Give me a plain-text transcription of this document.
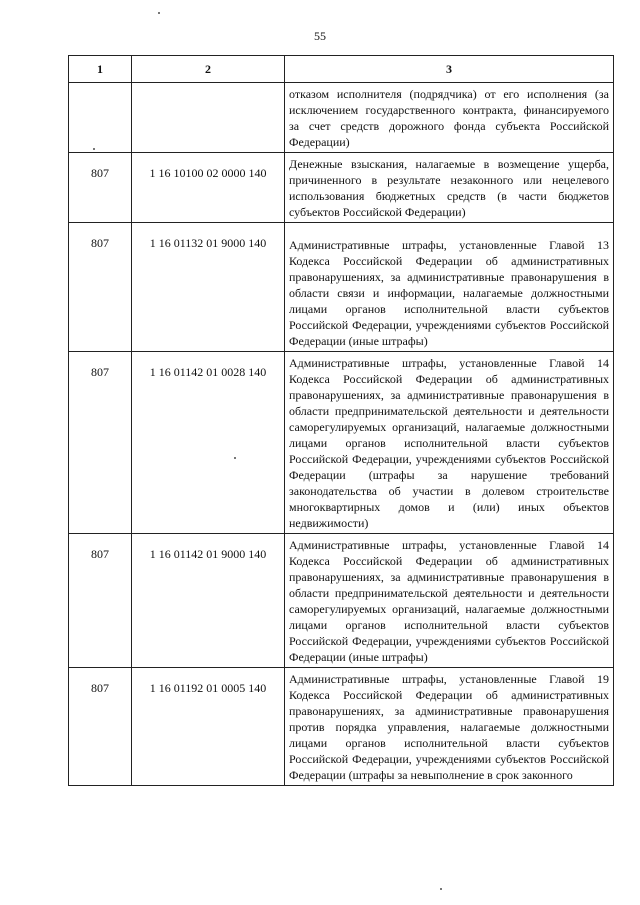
55
1	2	3
		отказом исполнителя (подрядчика) от его исполнения (за исключением государственного контракта, финансируемого за счет средств дорожного фонда субъекта Российской Федерации)
807	1 16 10100 02 0000 140	Денежные взыскания, налагаемые в возмещение ущерба, причиненного в результате незаконного или нецелевого использования бюджетных средств (в части бюджетов субъектов Российской Федерации)
807	1 16 01132 01 9000 140	Административные штрафы, установленные Главой 13 Кодекса Российской Федерации об административных правонарушениях, за административные правонарушения в области связи и информации, налагаемые должностными лицами органов исполнительной власти субъектов Российской Федерации, учреждениями субъектов Российской Федерации (иные штрафы)
807	1 16 01142 01 0028 140	Административные штрафы, установленные Главой 14 Кодекса Российской Федерации об административных правонарушениях, за административные правонарушения в области предпринимательской деятельности и деятельности саморегулируемых организаций, налагаемые должностными лицами органов исполнительной власти субъектов Российской Федерации, учреждениями субъектов Российской Федерации (штрафы за нарушение требований законодательства об участии в долевом строительстве многоквартирных домов и (или) иных объектов недвижимости)
807	1 16 01142 01 9000 140	Административные штрафы, установленные Главой 14 Кодекса Российской Федерации об административных правонарушениях, за административные правонарушения в области предпринимательской деятельности и деятельности саморегулируемых организаций, налагаемые должностными лицами органов исполнительной власти субъектов Российской Федерации, учреждениями субъектов Российской Федерации (иные штрафы)
807	1 16 01192 01 0005 140	Административные штрафы, установленные Главой 19 Кодекса Российской Федерации об административных правонарушениях, за административные правонарушения против порядка управления, налагаемые должностными лицами органов исполнительной власти субъектов Российской Федерации, учреждениями субъектов Российской Федерации (штрафы за невыполнение в срок законного
